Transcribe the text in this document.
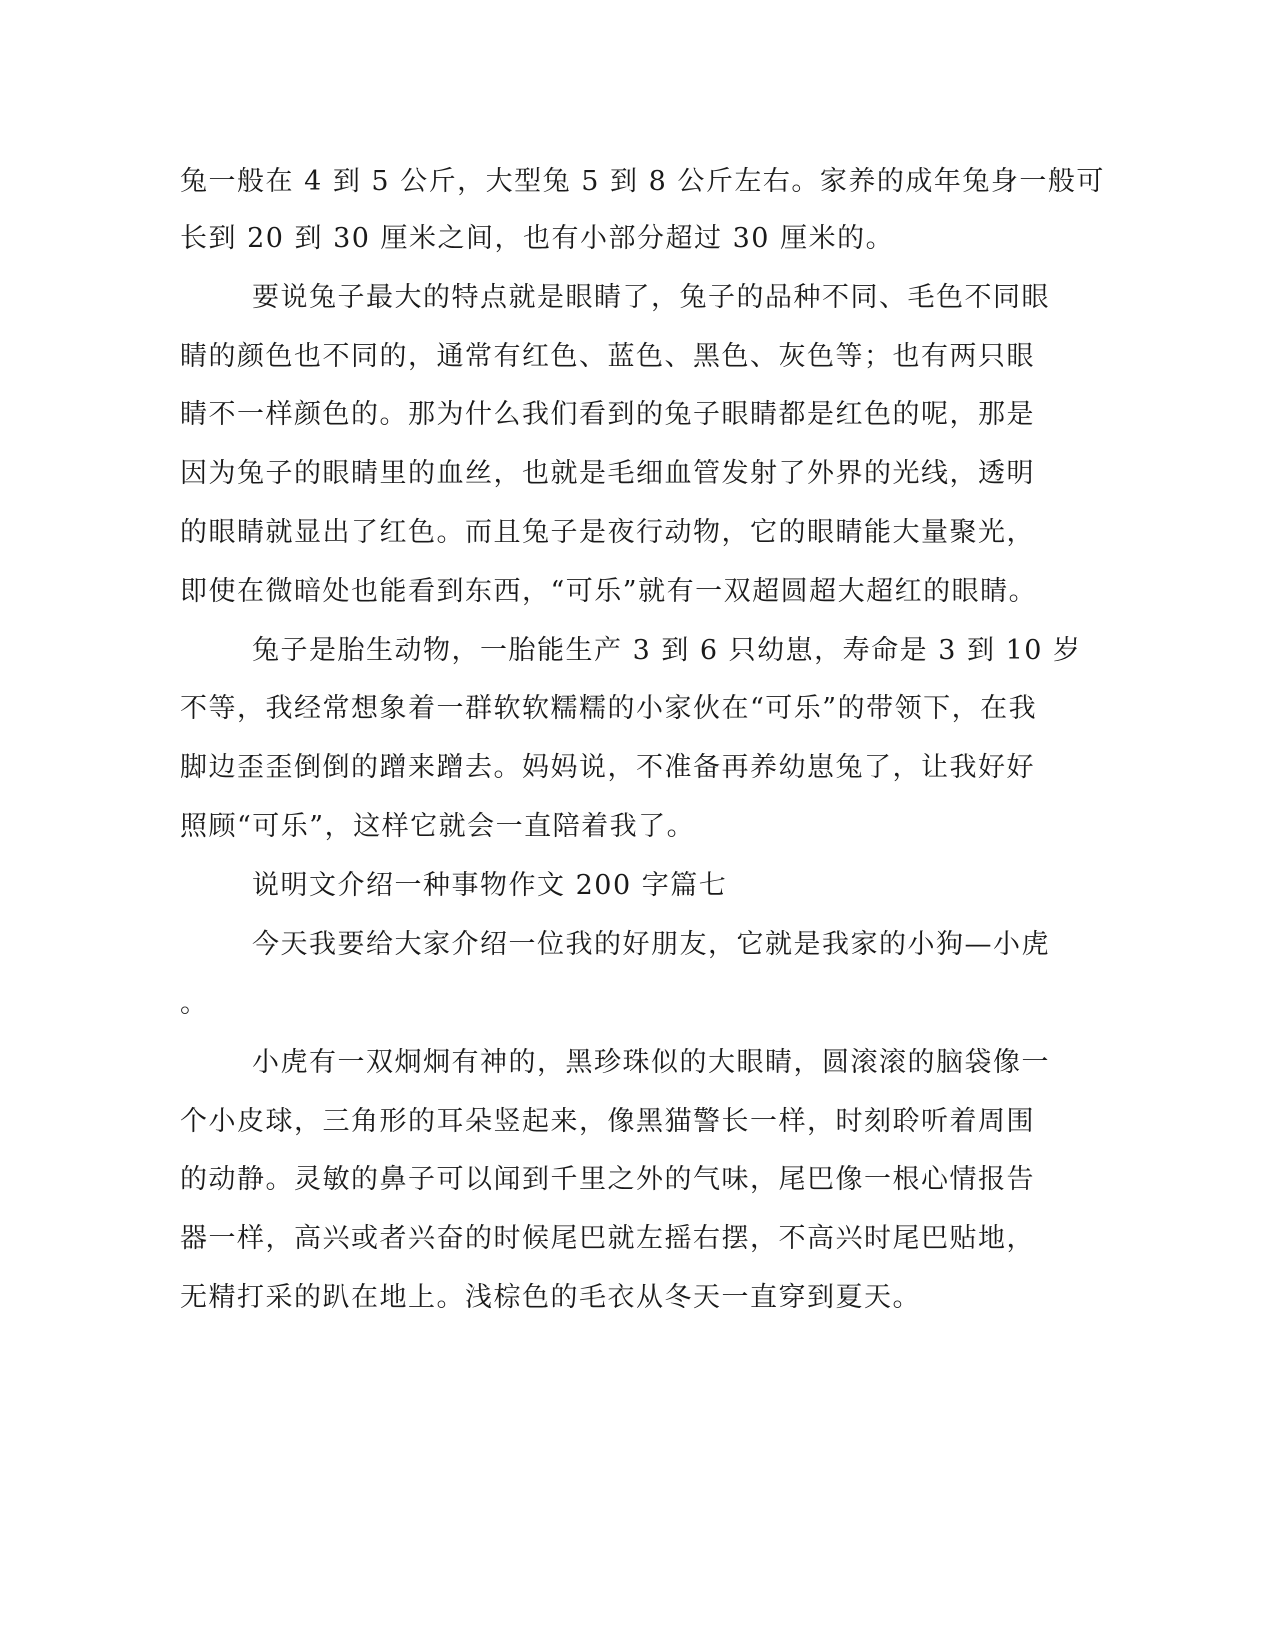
兔一般在 4 到 5 公斤，大型兔 5 到 8 公斤左右。家养的成年兔身一般可
长到 20 到 30 厘米之间，也有小部分超过 30 厘米的。
要说兔子最大的特点就是眼睛了，兔子的品种不同、毛色不同眼
睛的颜色也不同的，通常有红色、蓝色、黑色、灰色等；也有两只眼
睛不一样颜色的。那为什么我们看到的兔子眼睛都是红色的呢，那是
因为兔子的眼睛里的血丝，也就是毛细血管发射了外界的光线，透明
的眼睛就显出了红色。而且兔子是夜行动物，它的眼睛能大量聚光，
即使在微暗处也能看到东西，“可乐”就有一双超圆超大超红的眼睛。
兔子是胎生动物，一胎能生产 3 到 6 只幼崽，寿命是 3 到 10 岁
不等，我经常想象着一群软软糯糯的小家伙在“可乐”的带领下，在我
脚边歪歪倒倒的蹭来蹭去。妈妈说，不准备再养幼崽兔了，让我好好
照顾“可乐”，这样它就会一直陪着我了。
说明文介绍一种事物作文 200 字篇七
今天我要给大家介绍一位我的好朋友，它就是我家的小狗—小虎
。
小虎有一双炯炯有神的，黑珍珠似的大眼睛，圆滚滚的脑袋像一
个小皮球，三角形的耳朵竖起来，像黑猫警长一样，时刻聆听着周围
的动静。灵敏的鼻子可以闻到千里之外的气味，尾巴像一根心情报告
器一样，高兴或者兴奋的时候尾巴就左摇右摆，不高兴时尾巴贴地，
无精打采的趴在地上。浅棕色的毛衣从冬天一直穿到夏天。
